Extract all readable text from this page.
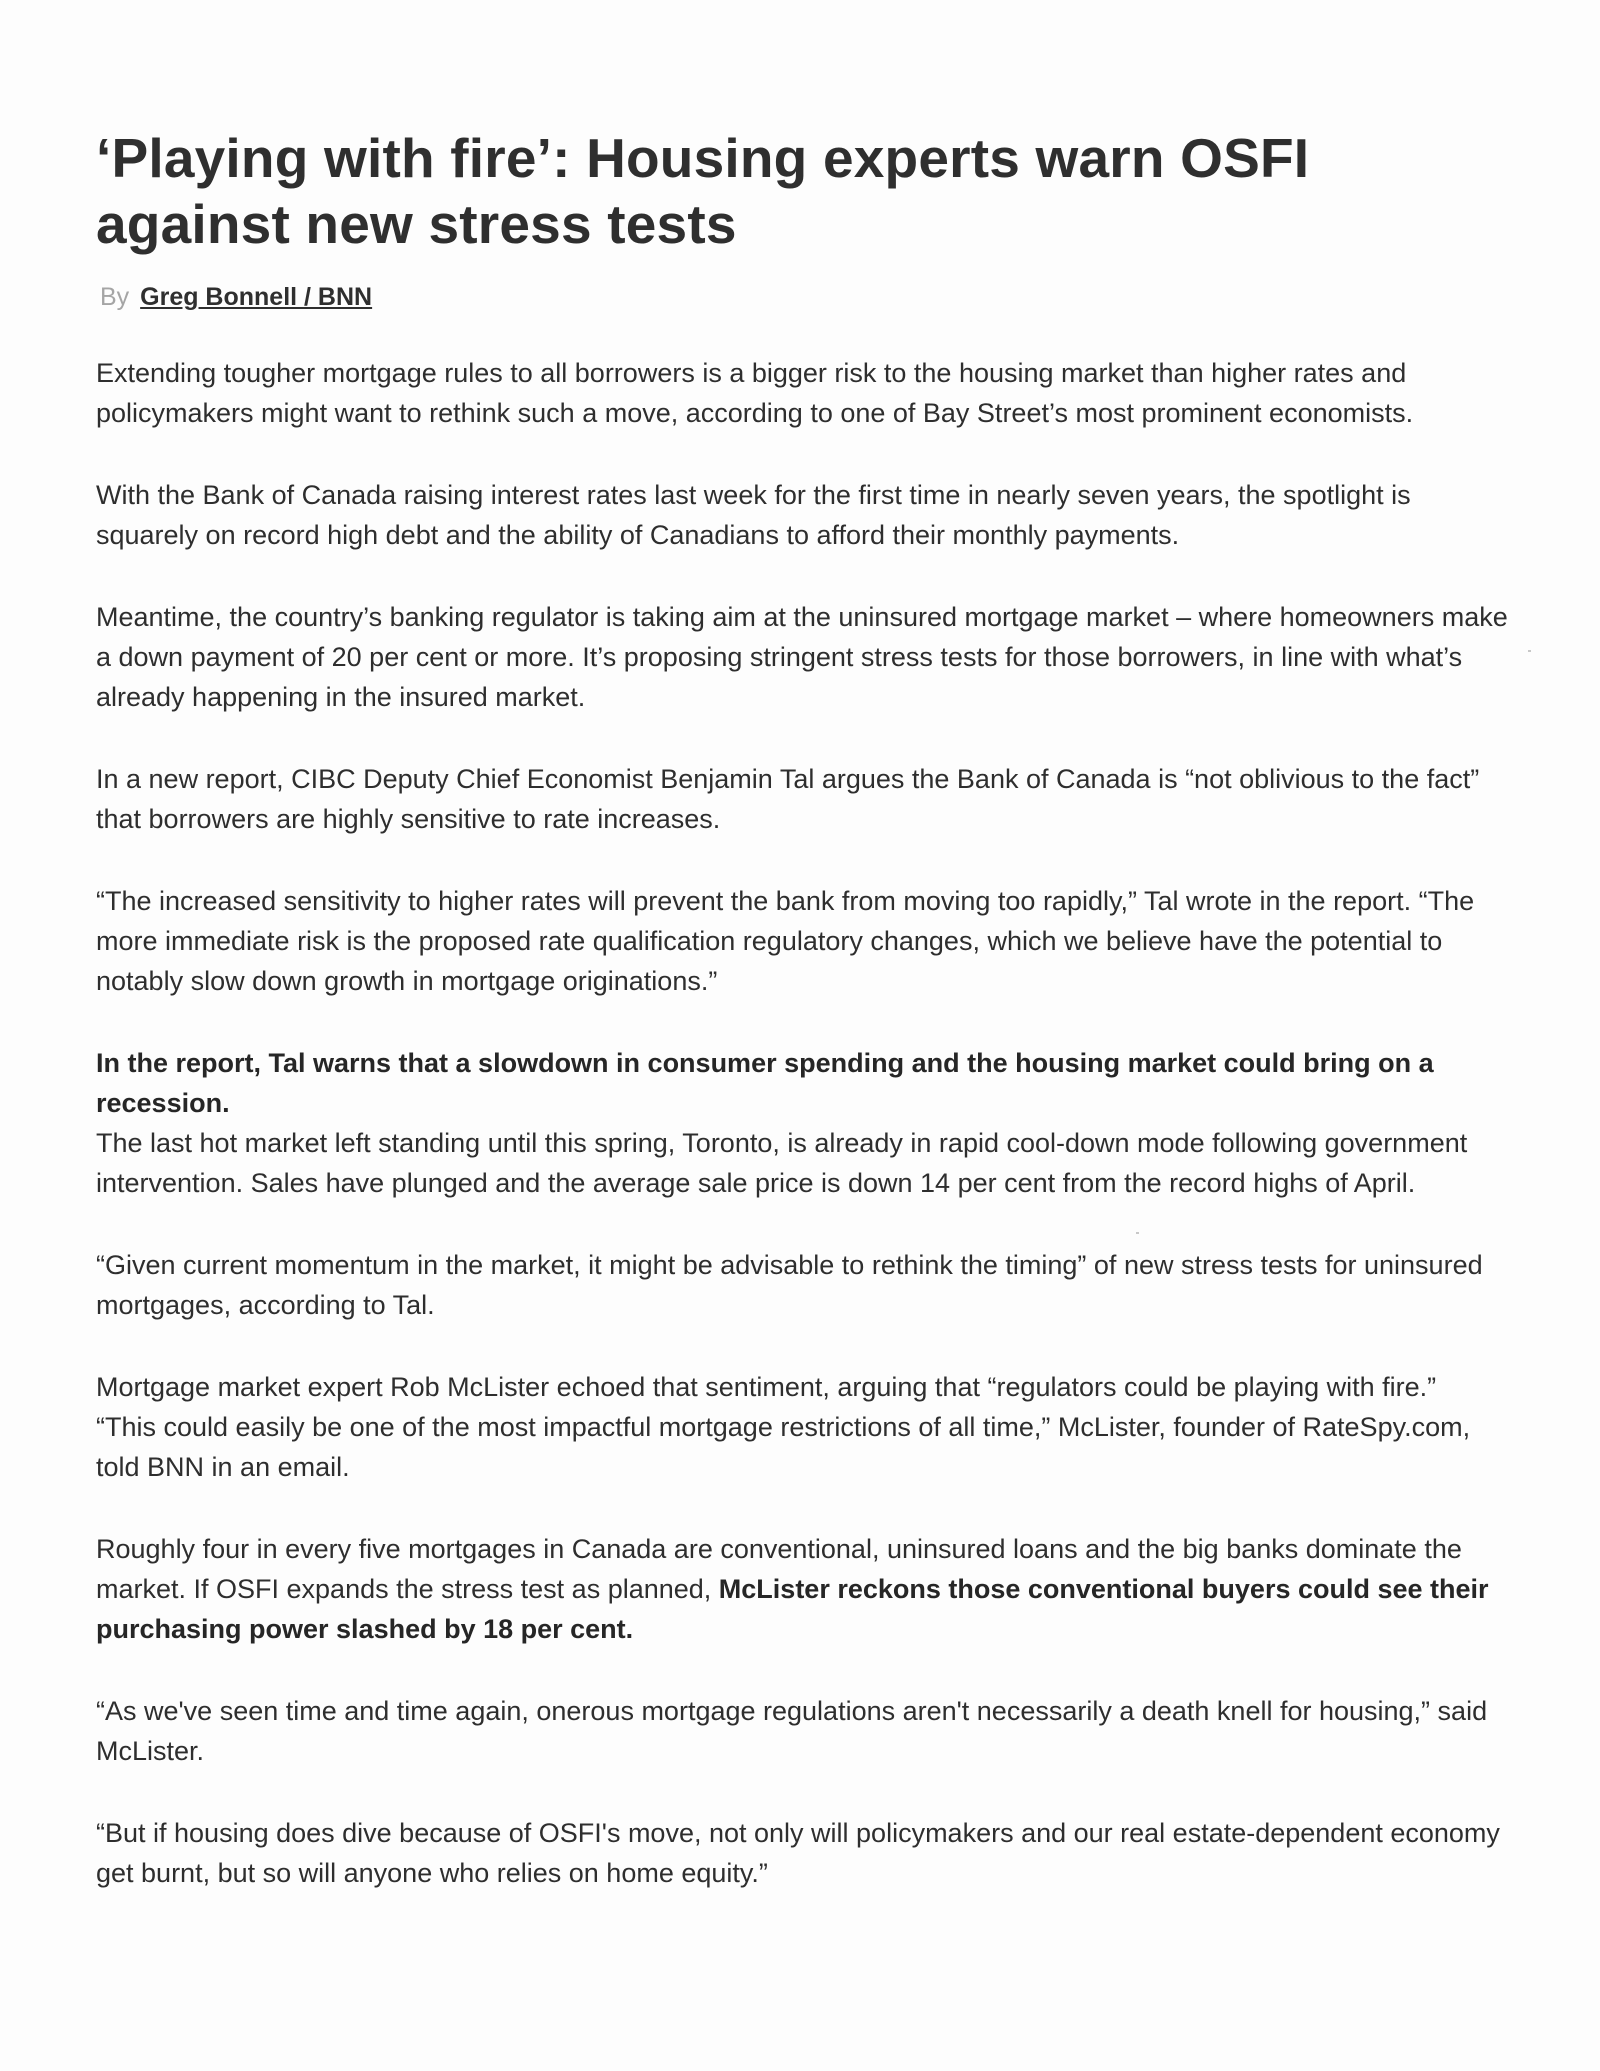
‘Playing with fire’: Housing experts warn OSFI against new stress tests
By Greg Bonnell / BNN

Extending tougher mortgage rules to all borrowers is a bigger risk to the housing market than higher rates and policymakers might want to rethink such a move, according to one of Bay Street’s most prominent economists.

With the Bank of Canada raising interest rates last week for the first time in nearly seven years, the spotlight is squarely on record high debt and the ability of Canadians to afford their monthly payments.

Meantime, the country’s banking regulator is taking aim at the uninsured mortgage market – where homeowners make a down payment of 20 per cent or more. It’s proposing stringent stress tests for those borrowers, in line with what’s already happening in the insured market.

In a new report, CIBC Deputy Chief Economist Benjamin Tal argues the Bank of Canada is “not oblivious to the fact” that borrowers are highly sensitive to rate increases.

“The increased sensitivity to higher rates will prevent the bank from moving too rapidly,” Tal wrote in the report. “The more immediate risk is the proposed rate qualification regulatory changes, which we believe have the potential to notably slow down growth in mortgage originations.”

In the report, Tal warns that a slowdown in consumer spending and the housing market could bring on a recession.

The last hot market left standing until this spring, Toronto, is already in rapid cool-down mode following government intervention. Sales have plunged and the average sale price is down 14 per cent from the record highs of April.

“Given current momentum in the market, it might be advisable to rethink the timing” of new stress tests for uninsured mortgages, according to Tal.

Mortgage market expert Rob McLister echoed that sentiment, arguing that “regulators could be playing with fire.”

“This could easily be one of the most impactful mortgage restrictions of all time,” McLister, founder of RateSpy.com, told BNN in an email.

Roughly four in every five mortgages in Canada are conventional, uninsured loans and the big banks dominate the market. If OSFI expands the stress test as planned, McLister reckons those conventional buyers could see their purchasing power slashed by 18 per cent.

“As we've seen time and time again, onerous mortgage regulations aren't necessarily a death knell for housing,” said McLister.

“But if housing does dive because of OSFI's move, not only will policymakers and our real estate-dependent economy get burnt, but so will anyone who relies on home equity.”
